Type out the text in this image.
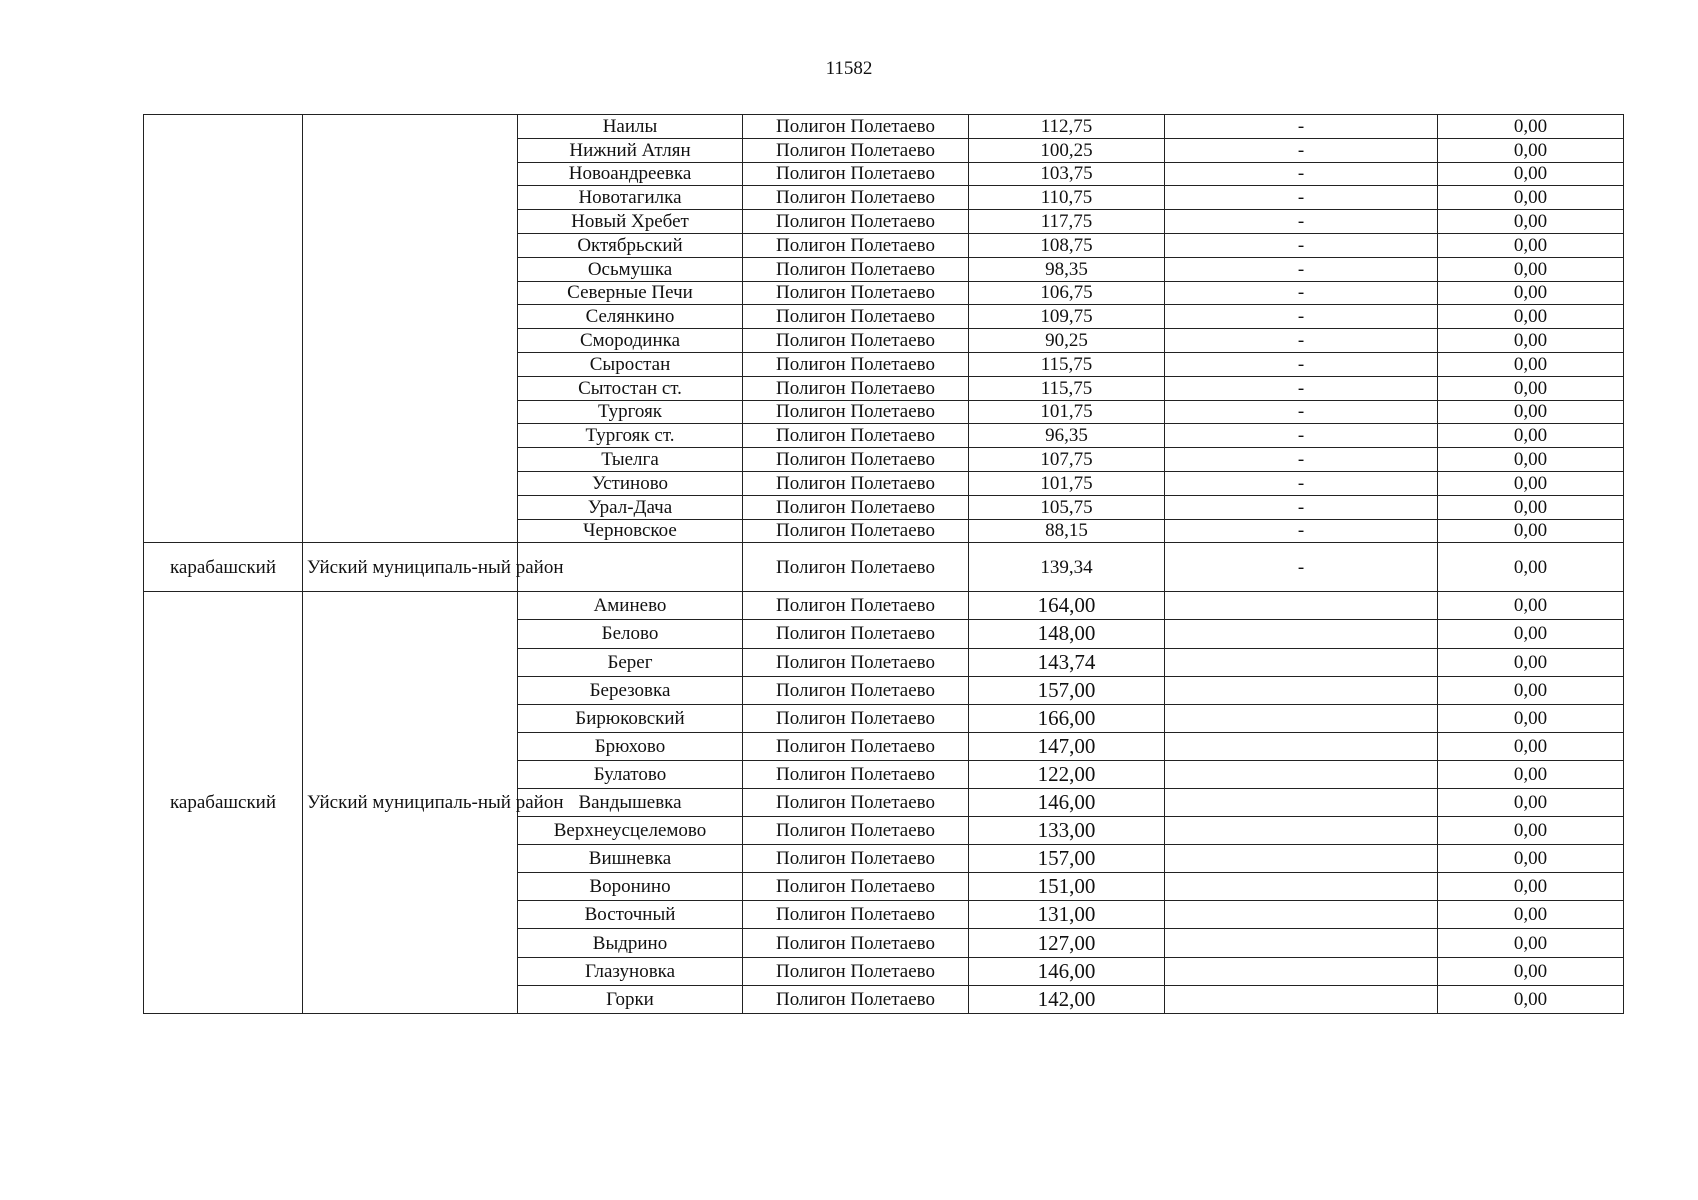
11582
		Наилы	Полигон Полетаево	112,75	-	0,00
		Нижний Атлян	Полигон Полетаево	100,25	-	0,00
		Новоандреевка	Полигон Полетаево	103,75	-	0,00
		Новотагилка	Полигон Полетаево	110,75	-	0,00
		Новый Хребет	Полигон Полетаево	117,75	-	0,00
		Октябрьский	Полигон Полетаево	108,75	-	0,00
		Осьмушка	Полигон Полетаево	98,35	-	0,00
		Северные Печи	Полигон Полетаево	106,75	-	0,00
		Селянкино	Полигон Полетаево	109,75	-	0,00
		Смородинка	Полигон Полетаево	90,25	-	0,00
		Сыростан	Полигон Полетаево	115,75	-	0,00
		Сытостан ст.	Полигон Полетаево	115,75	-	0,00
		Тургояк	Полигон Полетаево	101,75	-	0,00
		Тургояк ст.	Полигон Полетаево	96,35	-	0,00
		Тыелга	Полигон Полетаево	107,75	-	0,00
		Устиново	Полигон Полетаево	101,75	-	0,00
		Урал-Дача	Полигон Полетаево	105,75	-	0,00
		Черновское	Полигон Полетаево	88,15	-	0,00
карабашский	Уйский муниципаль-ный район		Полигон Полетаево	139,34	-	0,00
карабашский	Уйский муниципаль-ный район	Аминево	Полигон Полетаево	164,00		0,00
		Белово	Полигон Полетаево	148,00		0,00
		Берег	Полигон Полетаево	143,74		0,00
		Березовка	Полигон Полетаево	157,00		0,00
		Бирюковский	Полигон Полетаево	166,00		0,00
		Брюхово	Полигон Полетаево	147,00		0,00
		Булатово	Полигон Полетаево	122,00		0,00
		Вандышевка	Полигон Полетаево	146,00		0,00
		Верхнеусцелемово	Полигон Полетаево	133,00		0,00
		Вишневка	Полигон Полетаево	157,00		0,00
		Воронино	Полигон Полетаево	151,00		0,00
		Восточный	Полигон Полетаево	131,00		0,00
		Выдрино	Полигон Полетаево	127,00		0,00
		Глазуновка	Полигон Полетаево	146,00		0,00
		Горки	Полигон Полетаево	142,00		0,00
